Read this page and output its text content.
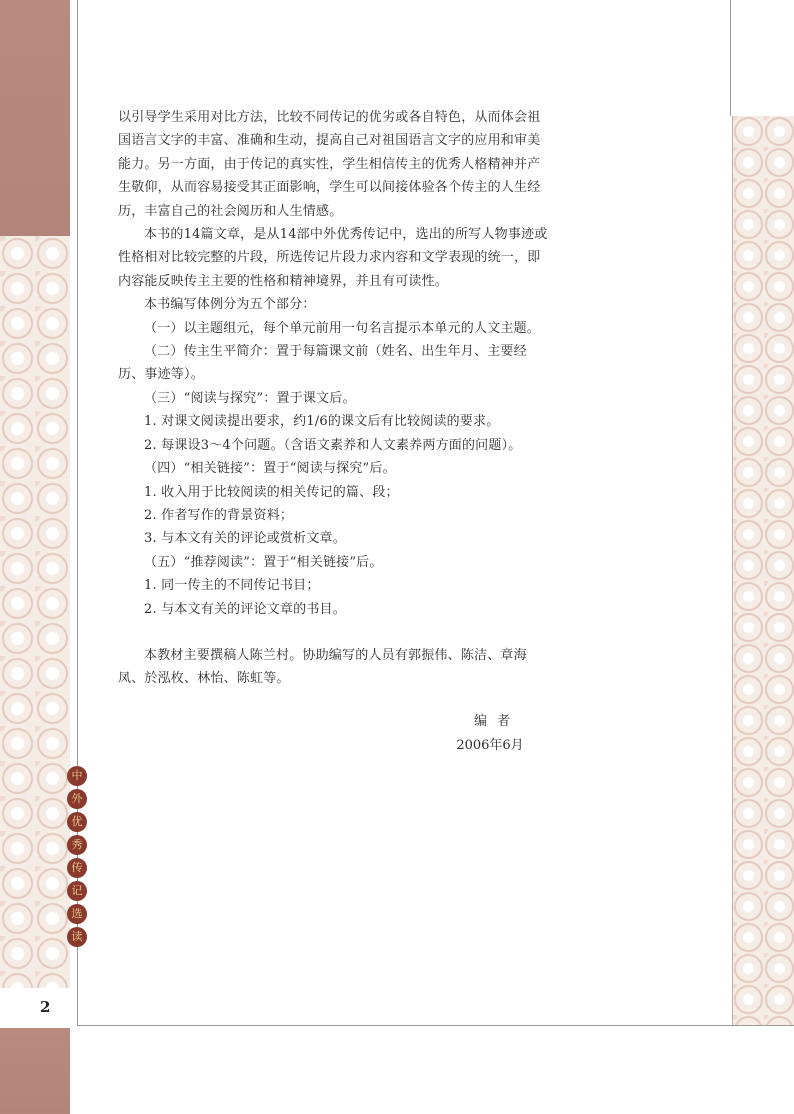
中
外
优
秀
传
记
选
读
2

以引导学生采用对比方法，比较不同传记的优劣或各自特色，从而体会祖国语言文字的丰富、准确和生动，提高自己对祖国语言文字的应用和审美能力。另一方面，由于传记的真实性，学生相信传主的优秀人格精神并产生敬仰，从而容易接受其正面影响，学生可以间接体验各个传主的人生经历，丰富自己的社会阅历和人生情感。

本书的14篇文章，是从14部中外优秀传记中，选出的所写人物事迹或性格相对比较完整的片段，所选传记片段力求内容和文学表现的统一，即内容能反映传主主要的性格和精神境界，并且有可读性。

本书编写体例分为五个部分：

（一）以主题组元，每个单元前用一句名言提示本单元的人文主题。

（二）传主生平简介：置于每篇课文前（姓名、出生年月、主要经历、事迹等）。

（三）“阅读与探究”：置于课文后。

1. 对课文阅读提出要求，约1/6的课文后有比较阅读的要求。

2. 每课设3～4个问题。（含语文素养和人文素养两方面的问题）。

（四）“相关链接”：置于“阅读与探究”后。

1. 收入用于比较阅读的相关传记的篇、段；

2. 作者写作的背景资料；

3. 与本文有关的评论或赏析文章。

（五）“推荐阅读”：置于“相关链接”后。

1. 同一传主的不同传记书目；

2. 与本文有关的评论文章的书目。

本教材主要撰稿人陈兰村。协助编写的人员有郭振伟、陈洁、章海凤、於泓枚、林怡、陈虹等。

编者
2006年6月
